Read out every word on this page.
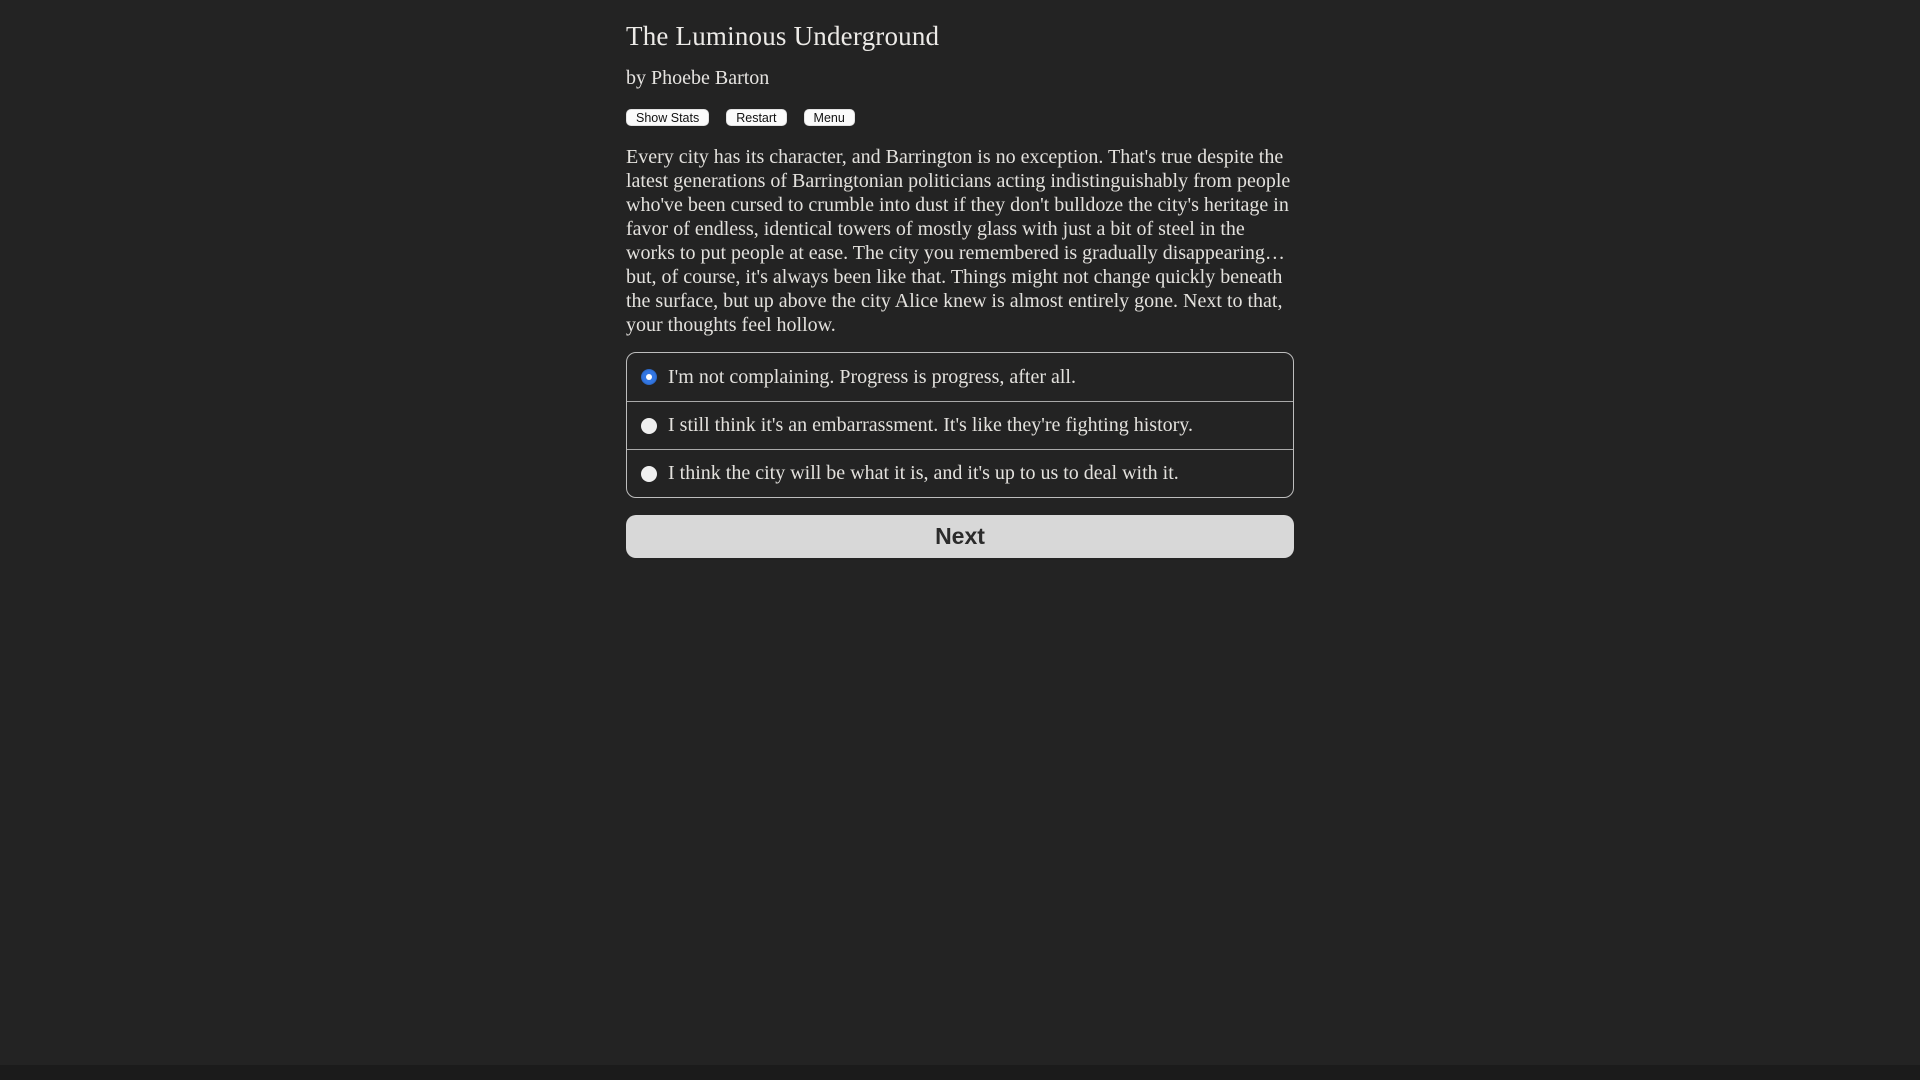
The Luminous Underground
by Phoebe Barton
Show Stats	Restart	Menu

Every city has its character, and Barrington is no exception. That's true despite the latest generations of Barringtonian politicians acting indistinguishably from people who've been cursed to crumble into dust if they don't bulldoze the city's heritage in favor of endless, identical towers of mostly glass with just a bit of steel in the works to put people at ease. The city you remembered is gradually disappearing…but, of course, it's always been like that. Things might not change quickly beneath the surface, but up above the city Alice knew is almost entirely gone. Next to that, your thoughts feel hollow.

I'm not complaining. Progress is progress, after all.
I still think it's an embarrassment. It's like they're fighting history.
I think the city will be what it is, and it's up to us to deal with it.
Next
